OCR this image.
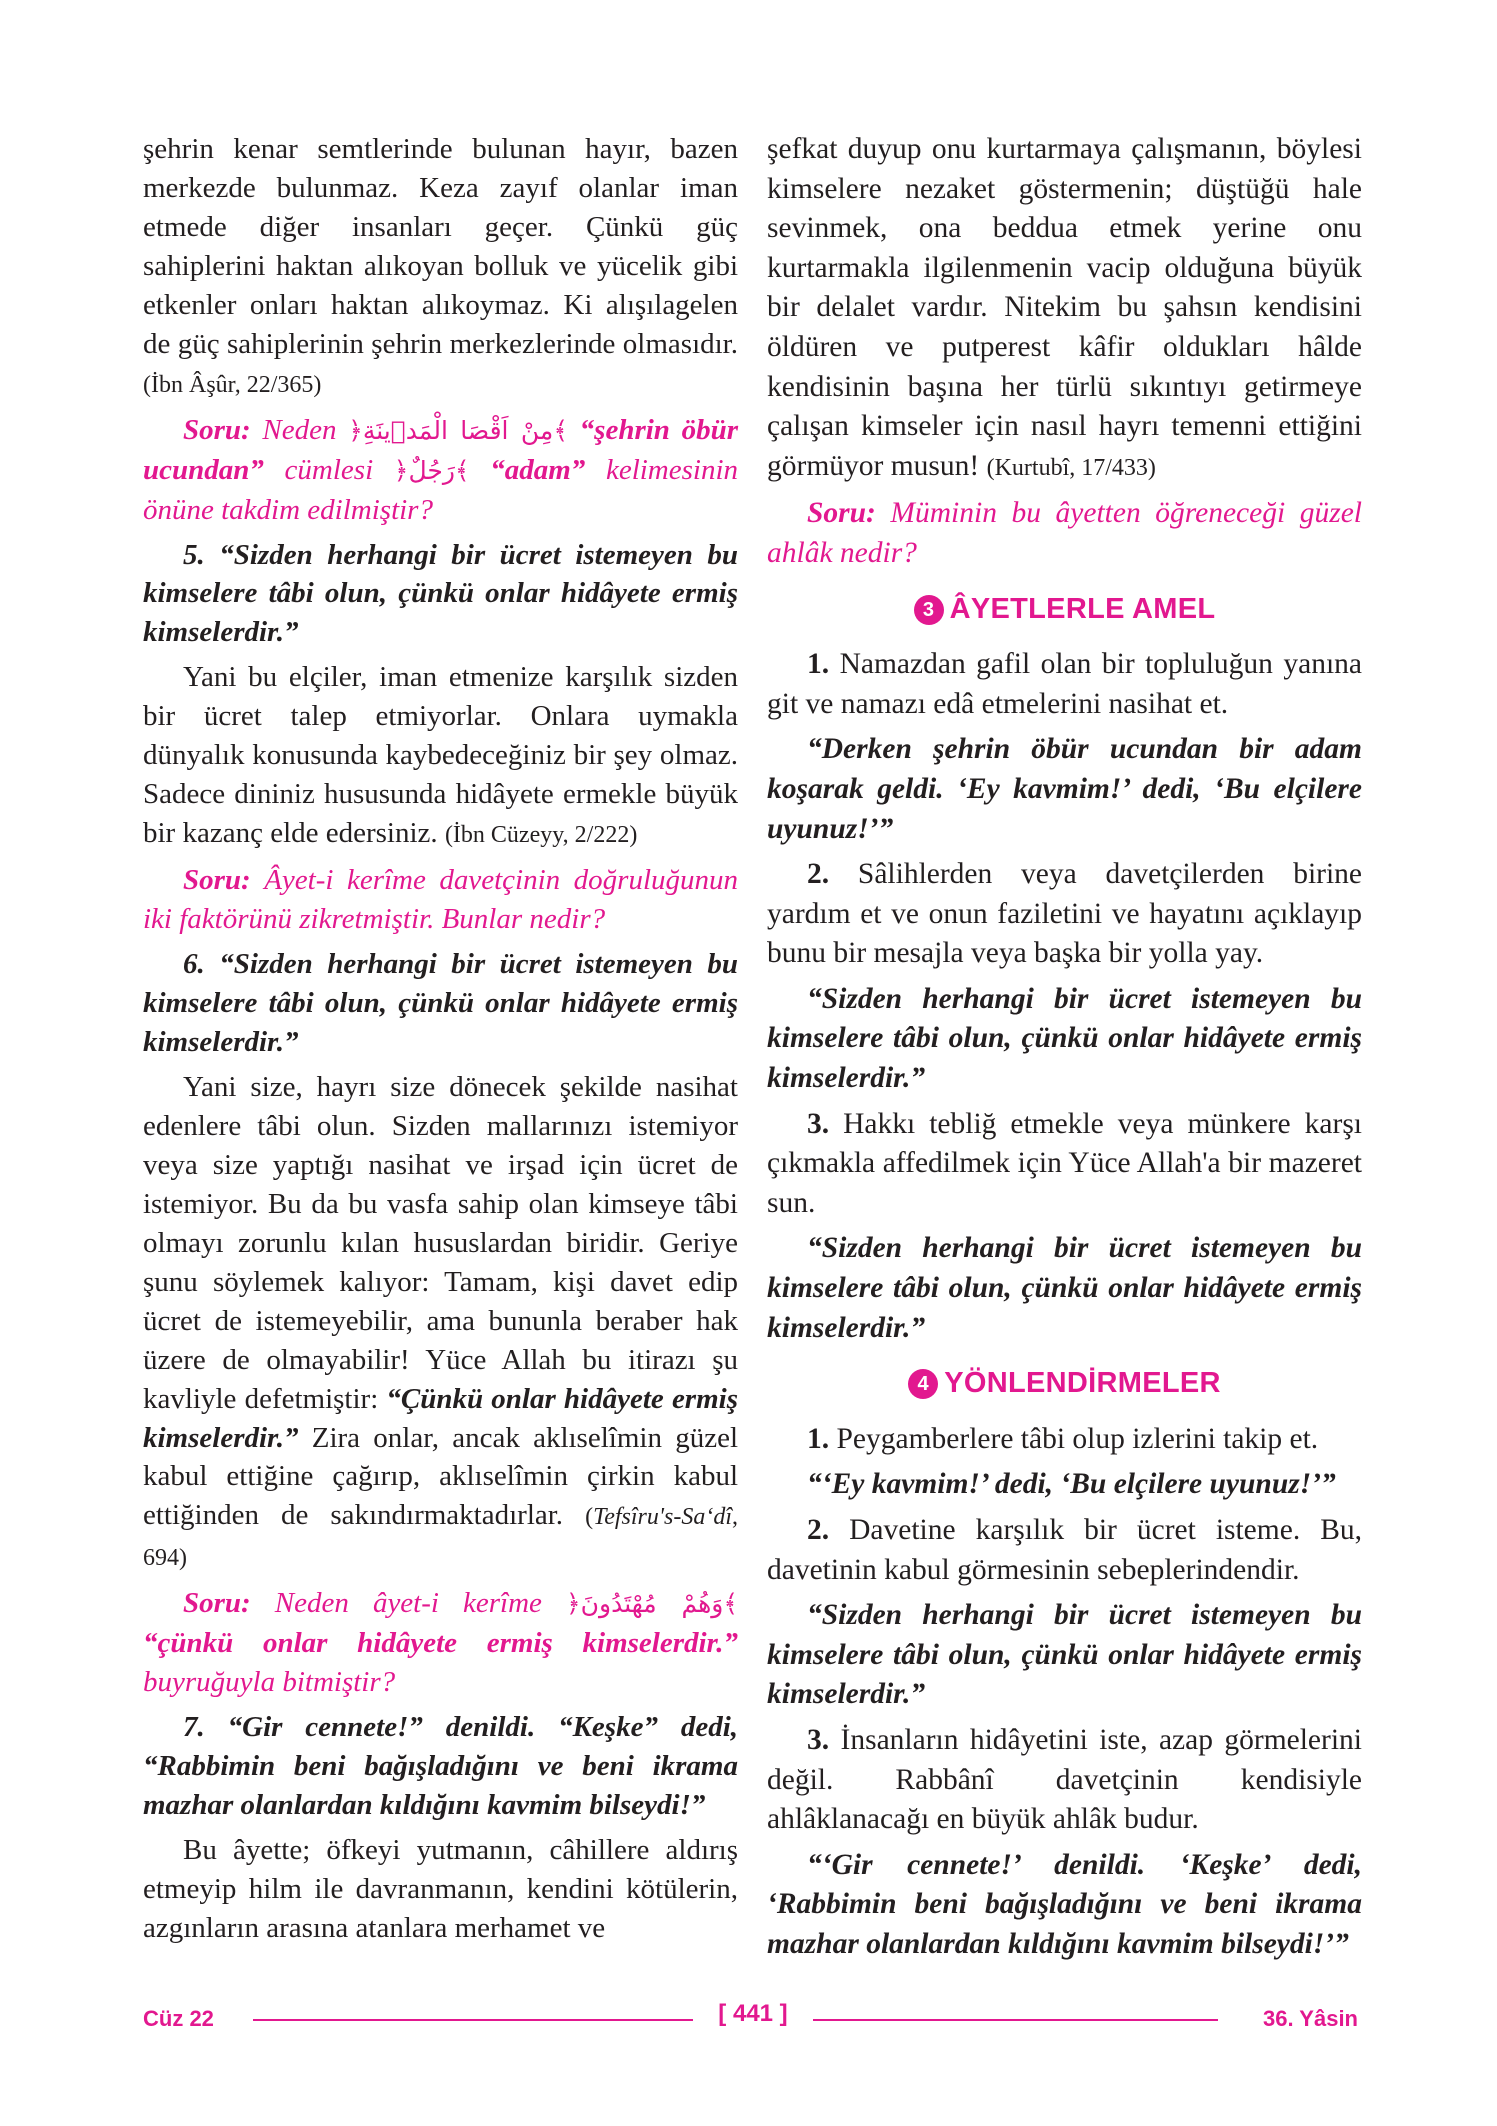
şehrin kenar semtlerinde bulunan hayır, bazen merkezde bulunmaz. Keza zayıf olanlar iman etmede diğer insanları geçer. Çünkü güç sahiplerini haktan alıkoyan bolluk ve yücelik gibi etkenler onları haktan alıkoymaz. Ki alışılagelen de güç sahiplerinin şehrin merkezlerinde olmasıdır. (İbn Âşûr, 22/365)

Soru: Neden ﴿مِنْ اَقْصَا الْمَدٖينَةِ﴾ “şehrin öbür ucundan” cümlesi ﴿رَجُلٌ﴾ “adam” kelimesinin önüne takdim edilmiştir?

5. “Sizden herhangi bir ücret istemeyen bu kimselere tâbi olun, çünkü onlar hidâyete ermiş kimselerdir.”

Yani bu elçiler, iman etmenize karşılık sizden bir ücret talep etmiyorlar. Onlara uymakla dünyalık konusunda kaybedeceğiniz bir şey olmaz. Sadece dininiz hususunda hidâyete ermekle büyük bir kazanç elde edersiniz. (İbn Cüzeyy, 2/222)

Soru: Âyet-i kerîme davetçinin doğruluğunun iki faktörünü zikretmiştir. Bunlar nedir?

6. “Sizden herhangi bir ücret istemeyen bu kimselere tâbi olun, çünkü onlar hidâyete ermiş kimselerdir.”

Yani size, hayrı size dönecek şekilde nasihat edenlere tâbi olun. Sizden mallarınızı istemiyor veya size yaptığı nasihat ve irşad için ücret de istemiyor. Bu da bu vasfa sahip olan kimseye tâbi olmayı zorunlu kılan hususlardan biridir. Geriye şunu söylemek kalıyor: Tamam, kişi davet edip ücret de istemeyebilir, ama bununla beraber hak üzere de olmayabilir! Yüce Allah bu itirazı şu kavliyle defetmiştir: “Çünkü onlar hidâyete ermiş kimselerdir.” Zira onlar, ancak aklıselîmin güzel kabul ettiğine çağırıp, aklıselîmin çirkin kabul ettiğinden de sakındırmaktadırlar. (Tefsîru's-Sa‘dî, 694)

Soru: Neden âyet-i kerîme ﴿وَهُمْ مُهْتَدُونَ﴾ “çünkü onlar hidâyete ermiş kimselerdir.” buyruğuyla bitmiştir?

7. “Gir cennete!” denildi. “Keşke” dedi, “Rabbimin beni bağışladığını ve beni ikrama mazhar olanlardan kıldığını kavmim bilseydi!”

Bu âyette; öfkeyi yutmanın, câhillere aldırış etmeyip hilm ile davranmanın, kendini kötülerin, azgınların arasına atanlara merhamet ve

şefkat duyup onu kurtarmaya çalışmanın, böylesi kimselere nezaket göstermenin; düştüğü hale sevinmek, ona beddua etmek yerine onu kurtarmakla ilgilenmenin vacip olduğuna büyük bir delalet vardır. Nitekim bu şahsın kendisini öldüren ve putperest kâfir oldukları hâlde kendisinin başına her türlü sıkıntıyı getirmeye çalışan kimseler için nasıl hayrı temenni ettiğini görmüyor musun! (Kurtubî, 17/433)

Soru: Müminin bu âyetten öğreneceği güzel ahlâk nedir?

3 ÂYETLERLE AMEL

1. Namazdan gafil olan bir topluluğun yanına git ve namazı edâ etmelerini nasihat et.

“Derken şehrin öbür ucundan bir adam koşarak geldi. ‘Ey kavmim!’ dedi, ‘Bu elçilere uyunuz!’”

2. Sâlihlerden veya davetçilerden birine yardım et ve onun faziletini ve hayatını açıklayıp bunu bir mesajla veya başka bir yolla yay.

“Sizden herhangi bir ücret istemeyen bu kimselere tâbi olun, çünkü onlar hidâyete ermiş kimselerdir.”

3. Hakkı tebliğ etmekle veya münkere karşı çıkmakla affedilmek için Yüce Allah'a bir mazeret sun.

“Sizden herhangi bir ücret istemeyen bu kimselere tâbi olun, çünkü onlar hidâyete ermiş kimselerdir.”

4 YÖNLENDİRMELER

1. Peygamberlere tâbi olup izlerini takip et.

“‘Ey kavmim!’ dedi, ‘Bu elçilere uyunuz!’”

2. Davetine karşılık bir ücret isteme. Bu, davetinin kabul görmesinin sebeplerindendir.

“Sizden herhangi bir ücret istemeyen bu kimselere tâbi olun, çünkü onlar hidâyete ermiş kimselerdir.”

3. İnsanların hidâyetini iste, azap görmelerini değil. Rabbânî davetçinin kendisiyle ahlâklanacağı en büyük ahlâk budur.

“‘Gir cennete!’ denildi. ‘Keşke’ dedi, ‘Rabbimin beni bağışladığını ve beni ikrama mazhar olanlardan kıldığını kavmim bilseydi!’”

Cüz 22	[ 441 ]	36. Yâsin
